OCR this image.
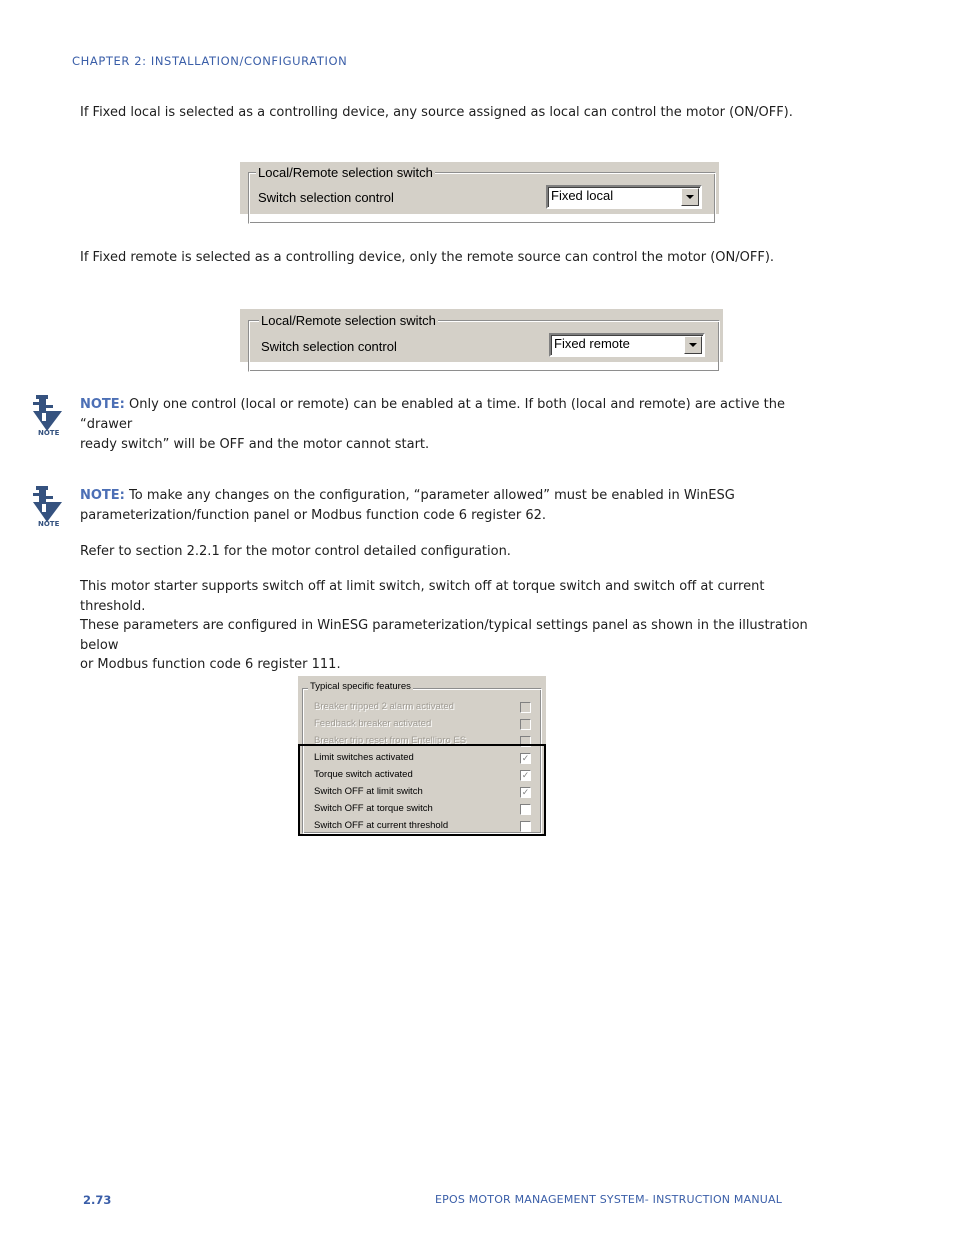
CHAPTER 2: INSTALLATION/CONFIGURATION
If Fixed local is selected as a controlling device, any source assigned as local can control the motor (ON/OFF).
Local/Remote selection switch
Switch selection control	Fixed local
If Fixed remote is selected as a controlling device, only the remote source can control the motor (ON/OFF).
Local/Remote selection switch
Switch selection control	Fixed remote
NOTE
NOTE: Only one control (local or remote) can be enabled at a time. If both (local and remote) are active the “drawer
ready switch” will be OFF and the motor cannot start.
NOTE
NOTE: To make any changes on the configuration, “parameter allowed” must be enabled in WinESG
parameterization/function panel or Modbus function code 6 register 62.
Refer to section 2.2.1 for the motor control detailed configuration.
This motor starter supports switch off at limit switch, switch off at torque switch and switch off at current threshold.
These parameters are configured in WinESG parameterization/typical settings panel as shown in the illustration below
or Modbus function code 6 register 111.
Typical specific features
Breaker tripped 2 alarm activated
Feedback breaker activated
Breaker trip reset from Entelliprо ES
Limit switches activated	✓
Torque switch activated	✓
Switch OFF at limit switch	✓
Switch OFF at torque switch
Switch OFF at current threshold
2.73	EPOS MOTOR MANAGEMENT SYSTEM- INSTRUCTION MANUAL
